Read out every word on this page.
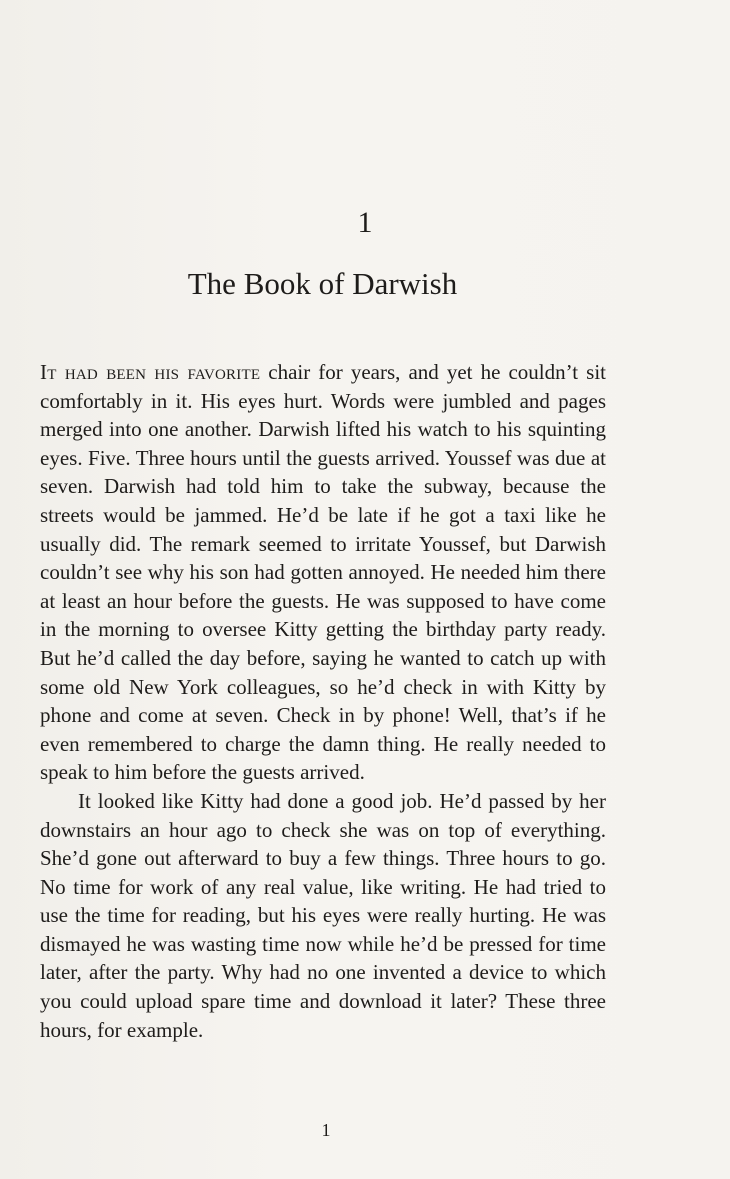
1
The Book of Darwish

It had been his favorite chair for years, and yet he couldn’t sit comfortably in it. His eyes hurt. Words were jumbled and pages merged into one another. Darwish lifted his watch to his squinting eyes. Five. Three hours until the guests arrived. Youssef was due at seven. Darwish had told him to take the subway, because the streets would be jammed. He’d be late if he got a taxi like he usually did. The remark seemed to irritate Youssef, but Darwish couldn’t see why his son had gotten annoyed. He needed him there at least an hour before the guests. He was supposed to have come in the morning to oversee Kitty getting the birthday party ready. But he’d called the day before, saying he wanted to catch up with some old New York colleagues, so he’d check in with Kitty by phone and come at seven. Check in by phone! Well, that’s if he even remembered to charge the damn thing. He really needed to speak to him before the guests arrived.

It looked like Kitty had done a good job. He’d passed by her downstairs an hour ago to check she was on top of everything. She’d gone out afterward to buy a few things. Three hours to go. No time for work of any real value, like writing. He had tried to use the time for reading, but his eyes were really hurting. He was dismayed he was wasting time now while he’d be pressed for time later, after the party. Why had no one invented a device to which you could upload spare time and download it later? These three hours, for example.

1
